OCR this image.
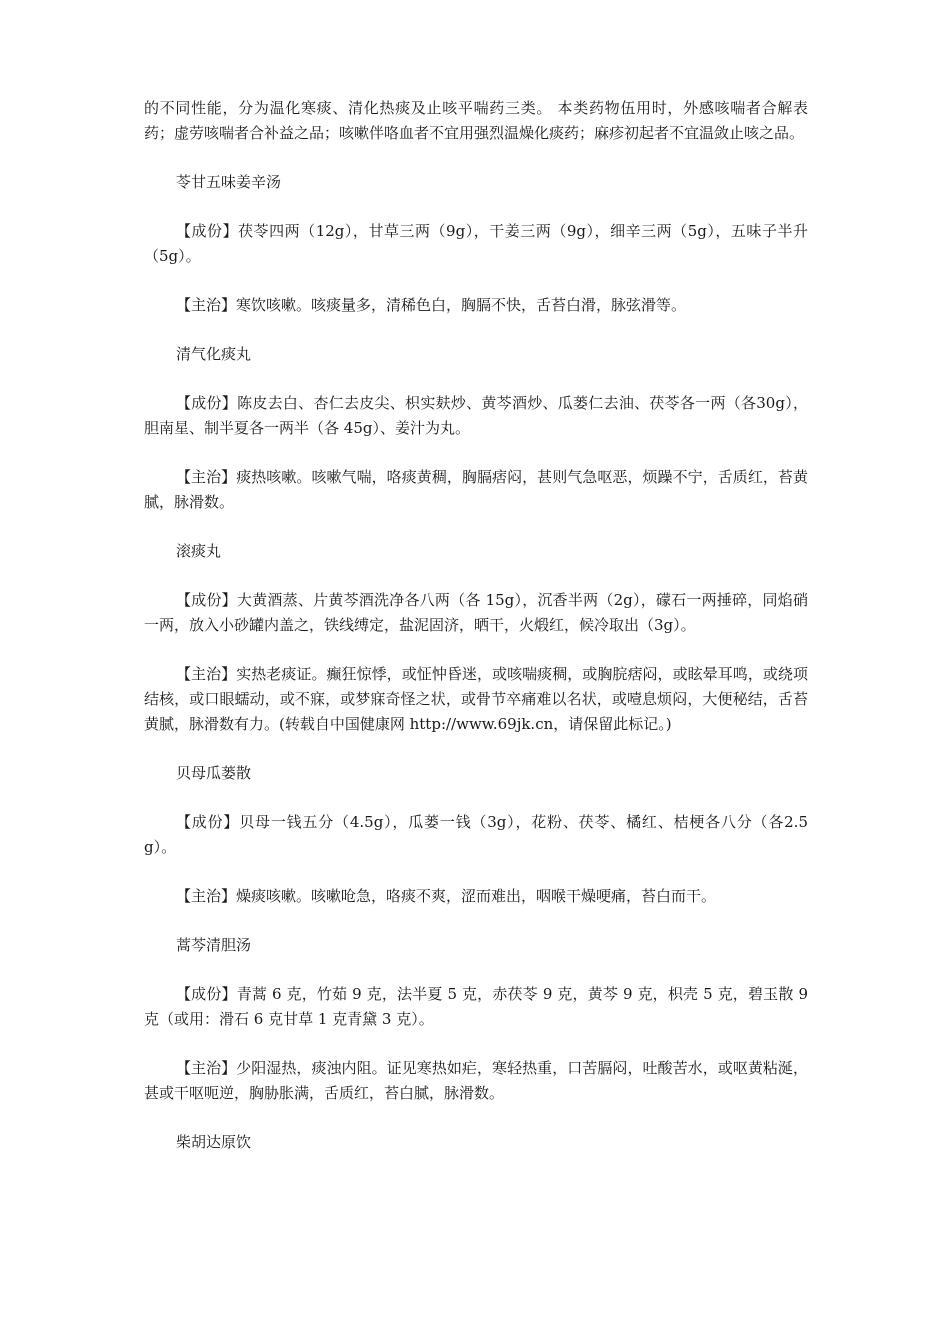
的不同性能，分为温化寒痰、清化热痰及止咳平喘药三类。 本类药物伍用时，外感咳喘者合解表药；虚劳咳喘者合补益之品；咳嗽伴咯血者不宜用强烈温燥化痰药；麻疹初起者不宜温敛止咳之品。

苓甘五味姜辛汤

【成份】茯苓四两（12g），甘草三两（9g），干姜三两（9g），细辛三两（5g），五味子半升（5g）。

【主治】寒饮咳嗽。咳痰量多，清稀色白，胸膈不快，舌苔白滑，脉弦滑等。

清气化痰丸

【成份】陈皮去白、杏仁去皮尖、枳实麸炒、黄芩酒炒、瓜蒌仁去油、茯苓各一两（各30g），胆南星、制半夏各一两半（各 45g）、姜汁为丸。

【主治】痰热咳嗽。咳嗽气喘，咯痰黄稠，胸膈痞闷，甚则气急呕恶，烦躁不宁，舌质红，苔黄腻，脉滑数。

滚痰丸

【成份】大黄酒蒸、片黄芩酒洗净各八两（各 15g），沉香半两（2g），礞石一两捶碎，同焰硝一两，放入小砂罐内盖之，铁线缚定，盐泥固济，晒干，火煅红，候冷取出（3g）。

【主治】实热老痰证。癫狂惊悸，或怔忡昏迷，或咳喘痰稠，或胸脘痞闷，或眩晕耳鸣，或绕项结核，或口眼蠕动，或不寐，或梦寐奇怪之状，或骨节卒痛难以名状，或噎息烦闷，大便秘结，舌苔黄腻，脉滑数有力。(转载自中国健康网 http://www.69jk.cn，请保留此标记。)

贝母瓜蒌散

【成份】贝母一钱五分（4.5g），瓜蒌一钱（3g），花粉、茯苓、橘红、桔梗各八分（各2.5g）。

【主治】燥痰咳嗽。咳嗽呛急，咯痰不爽，涩而难出，咽喉干燥哽痛，苔白而干。

蒿芩清胆汤

【成份】青蒿 6 克，竹茹 9 克，法半夏 5 克，赤茯苓 9 克，黄芩 9 克，枳壳 5 克，碧玉散 9 克（或用：滑石 6 克甘草 1 克青黛 3 克）。

【主治】少阳湿热，痰浊内阻。证见寒热如疟，寒轻热重，口苦膈闷，吐酸苦水，或呕黄粘涎，甚或干呕呃逆，胸胁胀满，舌质红，苔白腻，脉滑数。

柴胡达原饮
